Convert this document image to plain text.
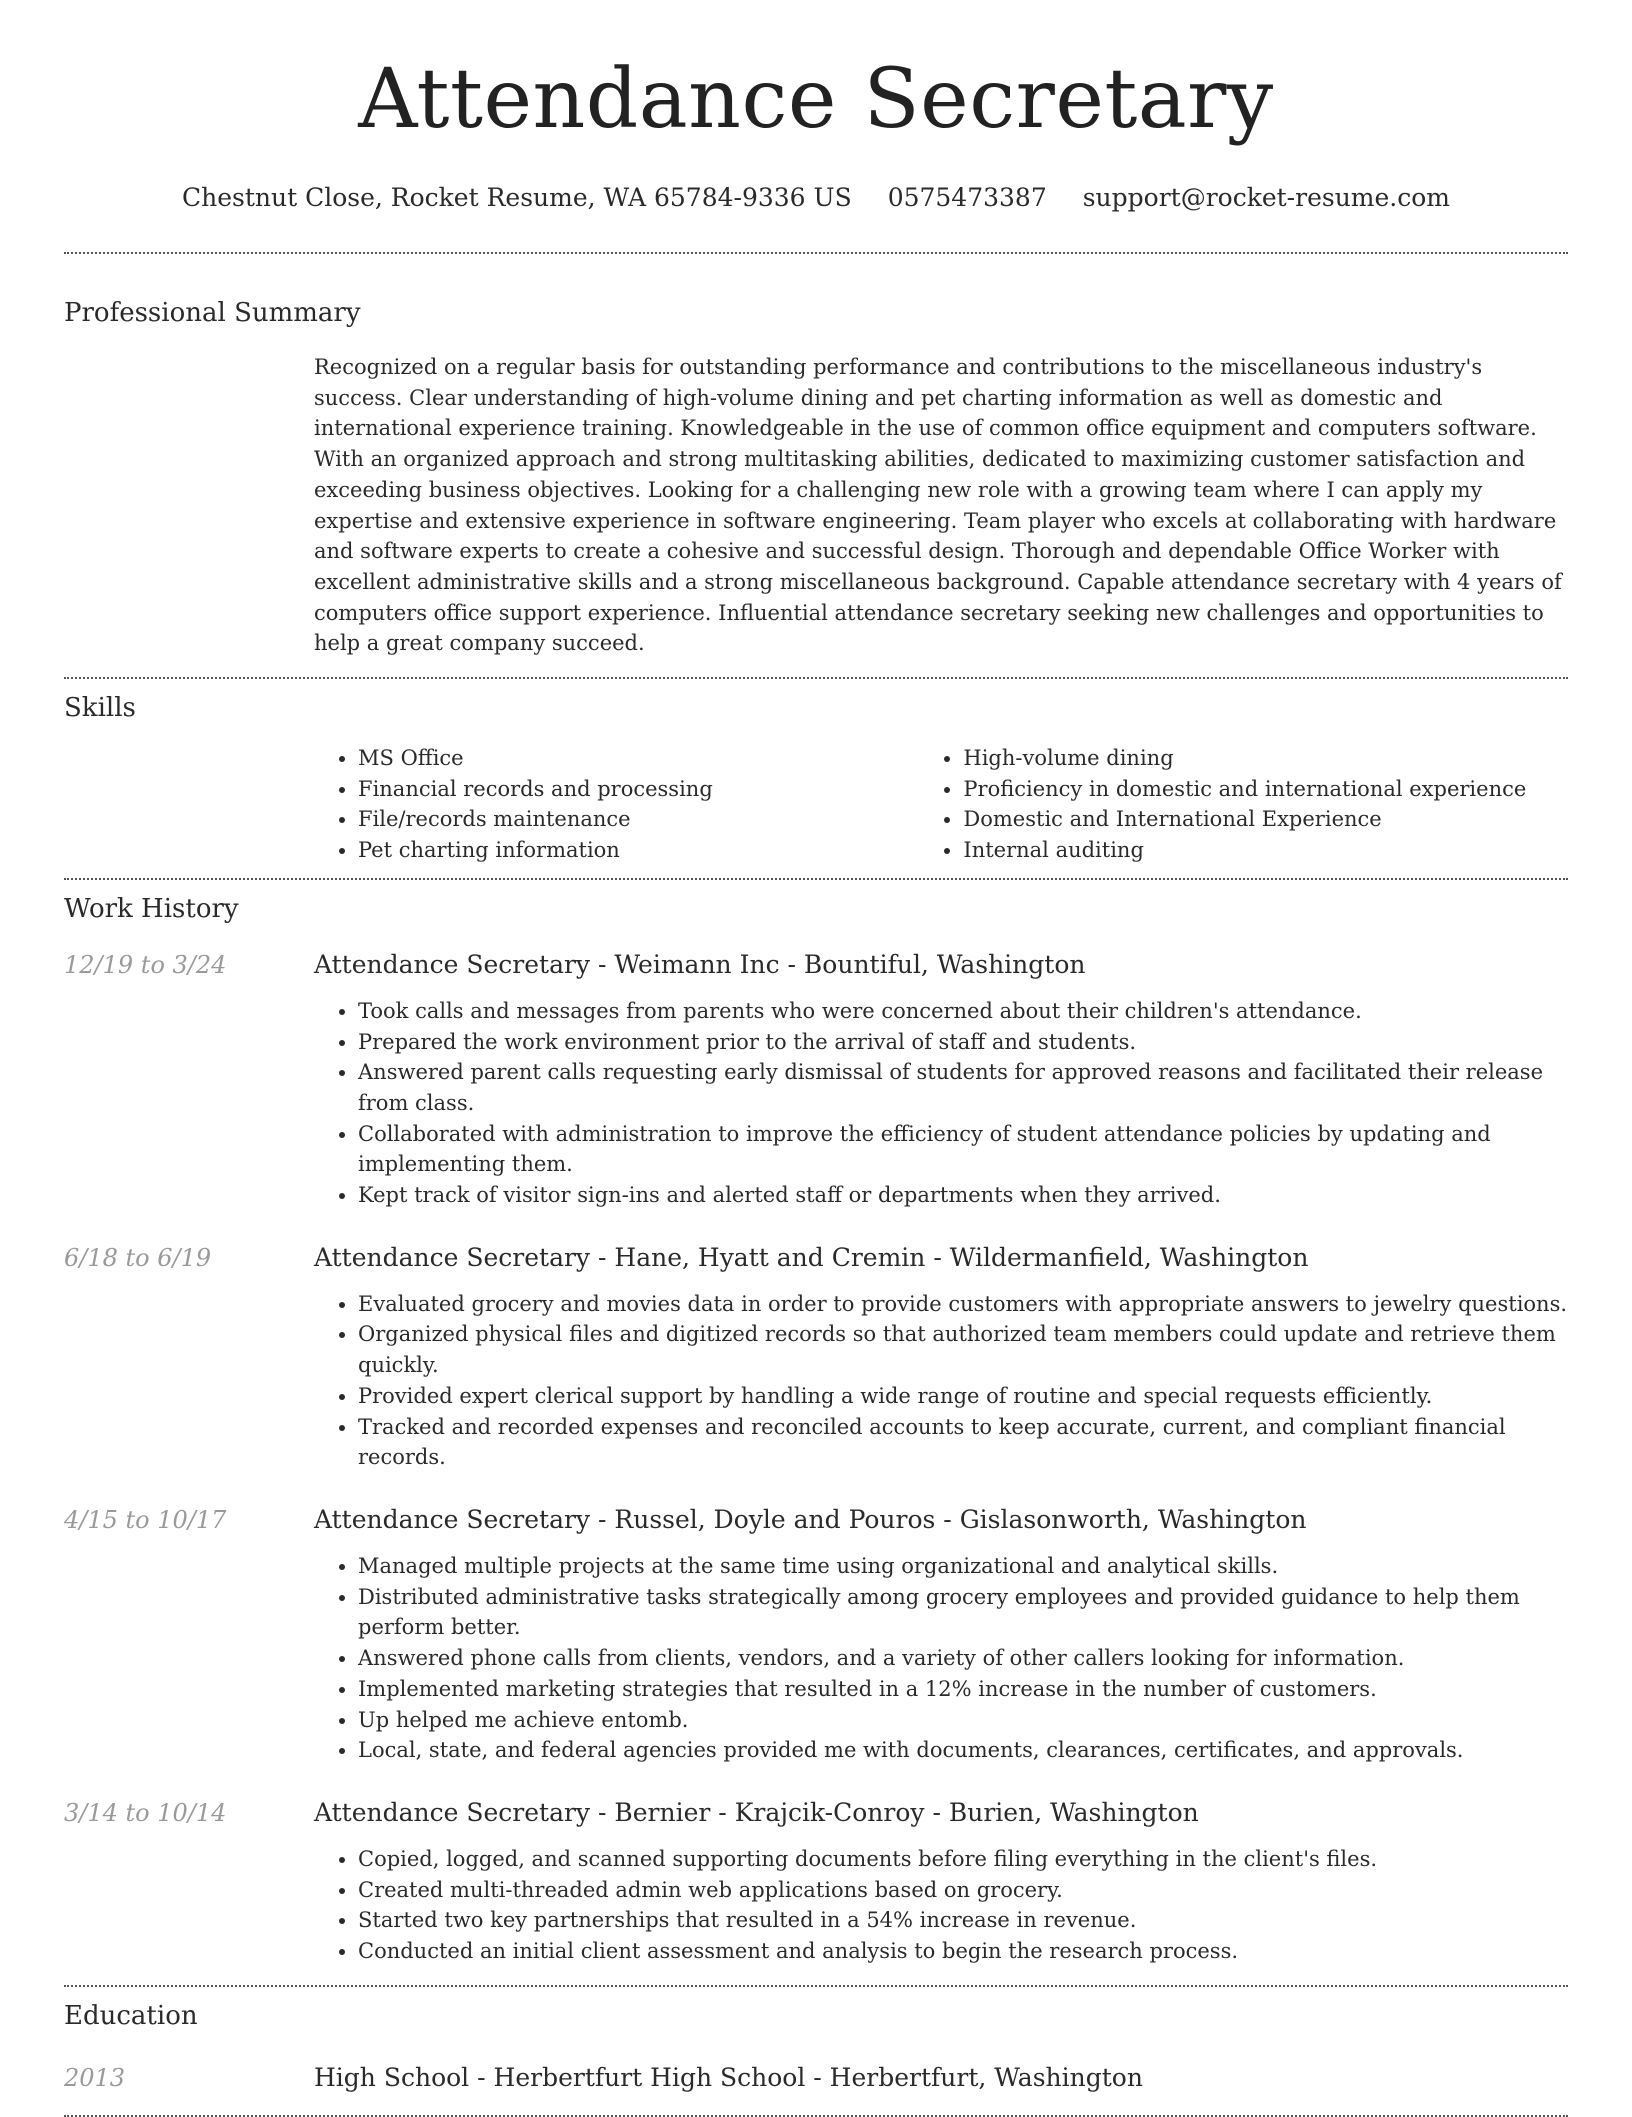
Attendance Secretary
Chestnut Close, Rocket Resume, WA 65784-9336 US 0575473387 support@rocket-resume.com
Professional Summary
Recognized on a regular basis for outstanding performance and contributions to the miscellaneous industry's success. Clear understanding of high-volume dining and pet charting information as well as domestic and international experience training. Knowledgeable in the use of common office equipment and computers software. With an organized approach and strong multitasking abilities, dedicated to maximizing customer satisfaction and exceeding business objectives. Looking for a challenging new role with a growing team where I can apply my expertise and extensive experience in software engineering. Team player who excels at collaborating with hardware and software experts to create a cohesive and successful design. Thorough and dependable Office Worker with excellent administrative skills and a strong miscellaneous background. Capable attendance secretary with 4 years of computers office support experience. Influential attendance secretary seeking new challenges and opportunities to help a great company succeed.
Skills
• MS Office
• Financial records and processing
• File/records maintenance
• Pet charting information
• High-volume dining
• Proficiency in domestic and international experience
• Domestic and International Experience
• Internal auditing
Work History
12/19 to 3/24	Attendance Secretary - Weimann Inc - Bountiful, Washington
• Took calls and messages from parents who were concerned about their children's attendance.
• Prepared the work environment prior to the arrival of staff and students.
• Answered parent calls requesting early dismissal of students for approved reasons and facilitated their release from class.
• Collaborated with administration to improve the efficiency of student attendance policies by updating and implementing them.
• Kept track of visitor sign-ins and alerted staff or departments when they arrived.
6/18 to 6/19	Attendance Secretary - Hane, Hyatt and Cremin - Wildermanfield, Washington
• Evaluated grocery and movies data in order to provide customers with appropriate answers to jewelry questions.
• Organized physical files and digitized records so that authorized team members could update and retrieve them quickly.
• Provided expert clerical support by handling a wide range of routine and special requests efficiently.
• Tracked and recorded expenses and reconciled accounts to keep accurate, current, and compliant financial records.
4/15 to 10/17	Attendance Secretary - Russel, Doyle and Pouros - Gislasonworth, Washington
• Managed multiple projects at the same time using organizational and analytical skills.
• Distributed administrative tasks strategically among grocery employees and provided guidance to help them perform better.
• Answered phone calls from clients, vendors, and a variety of other callers looking for information.
• Implemented marketing strategies that resulted in a 12% increase in the number of customers.
• Up helped me achieve entomb.
• Local, state, and federal agencies provided me with documents, clearances, certificates, and approvals.
3/14 to 10/14	Attendance Secretary - Bernier - Krajcik-Conroy - Burien, Washington
• Copied, logged, and scanned supporting documents before filing everything in the client's files.
• Created multi-threaded admin web applications based on grocery.
• Started two key partnerships that resulted in a 54% increase in revenue.
• Conducted an initial client assessment and analysis to begin the research process.
Education
2013	High School - Herbertfurt High School - Herbertfurt, Washington
